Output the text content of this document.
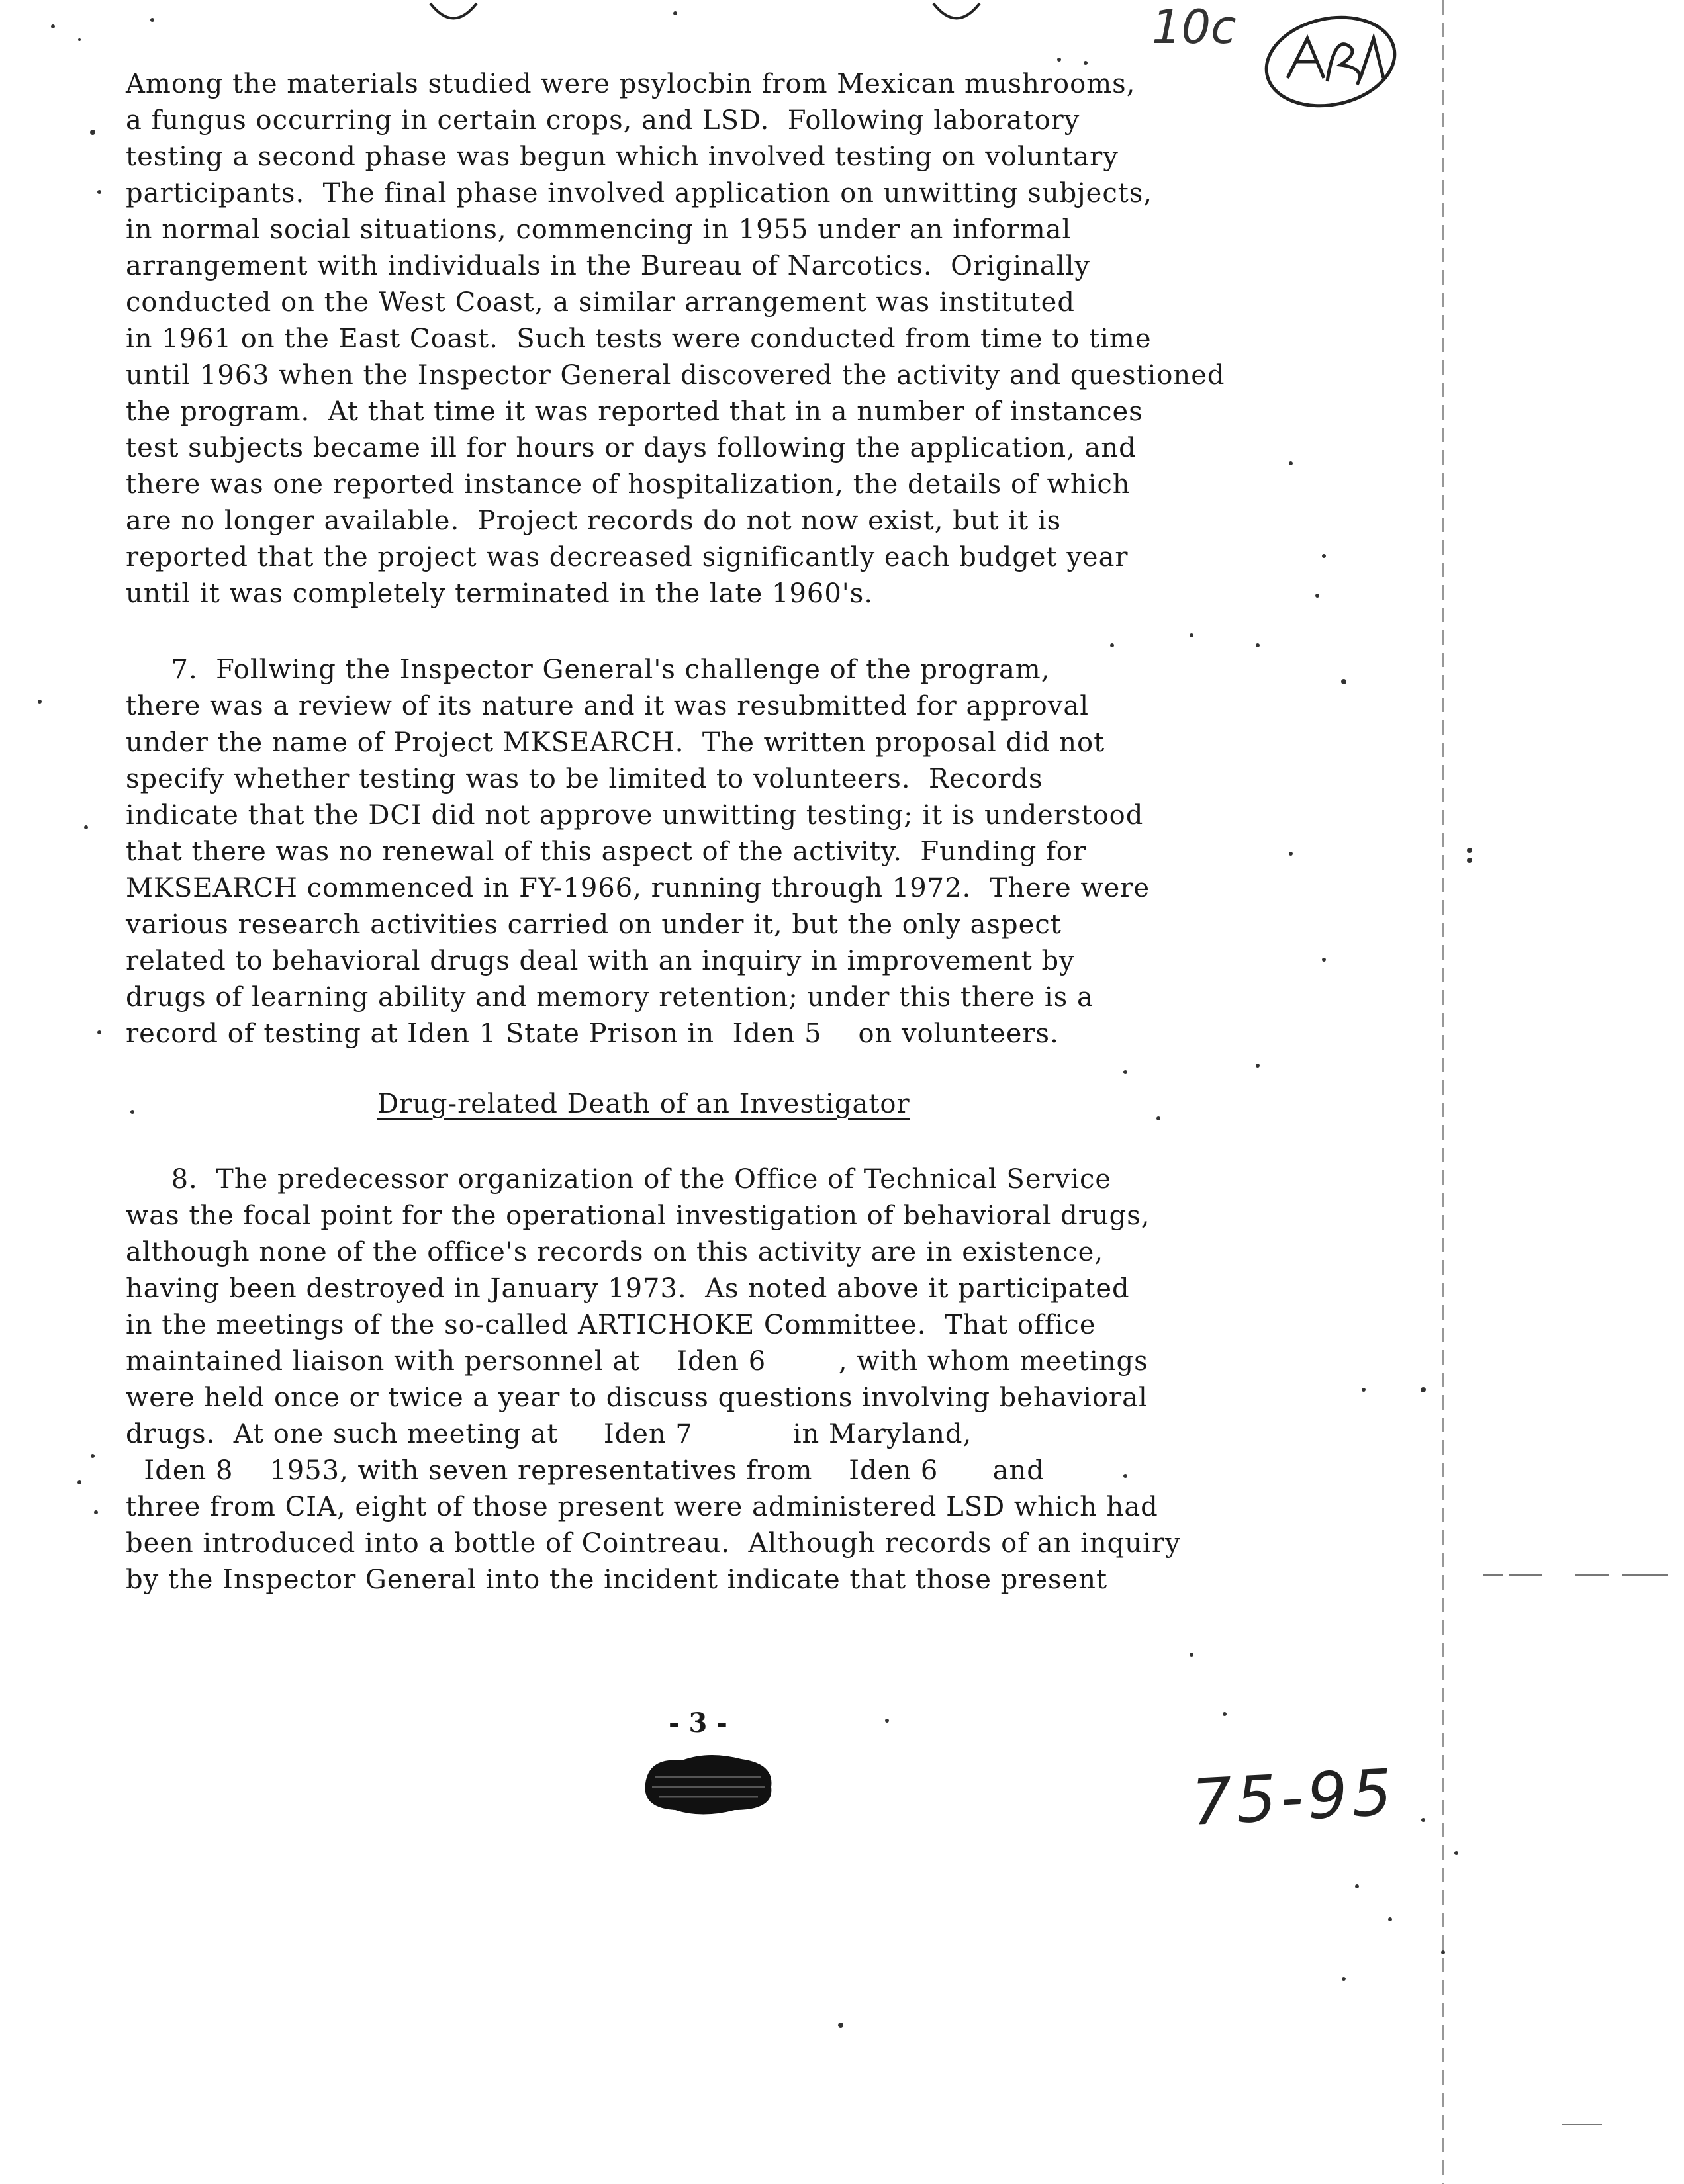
10c
Among the materials studied were psylocbin from Mexican mushrooms,
a fungus occurring in certain crops, and LSD.  Following laboratory
testing a second phase was begun which involved testing on voluntary
participants.  The final phase involved application on unwitting subjects,
in normal social situations, commencing in 1955 under an informal
arrangement with individuals in the Bureau of Narcotics.  Originally
conducted on the West Coast, a similar arrangement was instituted
in 1961 on the East Coast.  Such tests were conducted from time to time
until 1963 when the Inspector General discovered the activity and questioned
the program.  At that time it was reported that in a number of instances
test subjects became ill for hours or days following the application, and
there was one reported instance of hospitalization, the details of which
are no longer available.  Project records do not now exist, but it is
reported that the project was decreased significantly each budget year
until it was completely terminated in the late 1960's.
7.  Follwing the Inspector General's challenge of the program,
there was a review of its nature and it was resubmitted for approval
under the name of Project MKSEARCH.  The written proposal did not
specify whether testing was to be limited to volunteers.  Records
indicate that the DCI did not approve unwitting testing; it is understood
that there was no renewal of this aspect of the activity.  Funding for
MKSEARCH commenced in FY-1966, running through 1972.  There were
various research activities carried on under it, but the only aspect
related to behavioral drugs deal with an inquiry in improvement by
drugs of learning ability and memory retention; under this there is a
record of testing at Iden 1 State Prison in  Iden 5    on volunteers.
Drug-related Death of an Investigator
8.  The predecessor organization of the Office of Technical Service
was the focal point for the operational investigation of behavioral drugs,
although none of the office's records on this activity are in existence,
having been destroyed in January 1973.  As noted above it participated
in the meetings of the so-called ARTICHOKE Committee.  That office
maintained liaison with personnel at    Iden 6        , with whom meetings
were held once or twice a year to discuss questions involving behavioral
drugs.  At one such meeting at     Iden 7           in Maryland,
Iden 8    1953, with seven representatives from    Iden 6      and
three from CIA, eight of those present were administered LSD which had
been introduced into a bottle of Cointreau.  Although records of an inquiry
by the Inspector General into the incident indicate that those present
- 3 -
75-95
